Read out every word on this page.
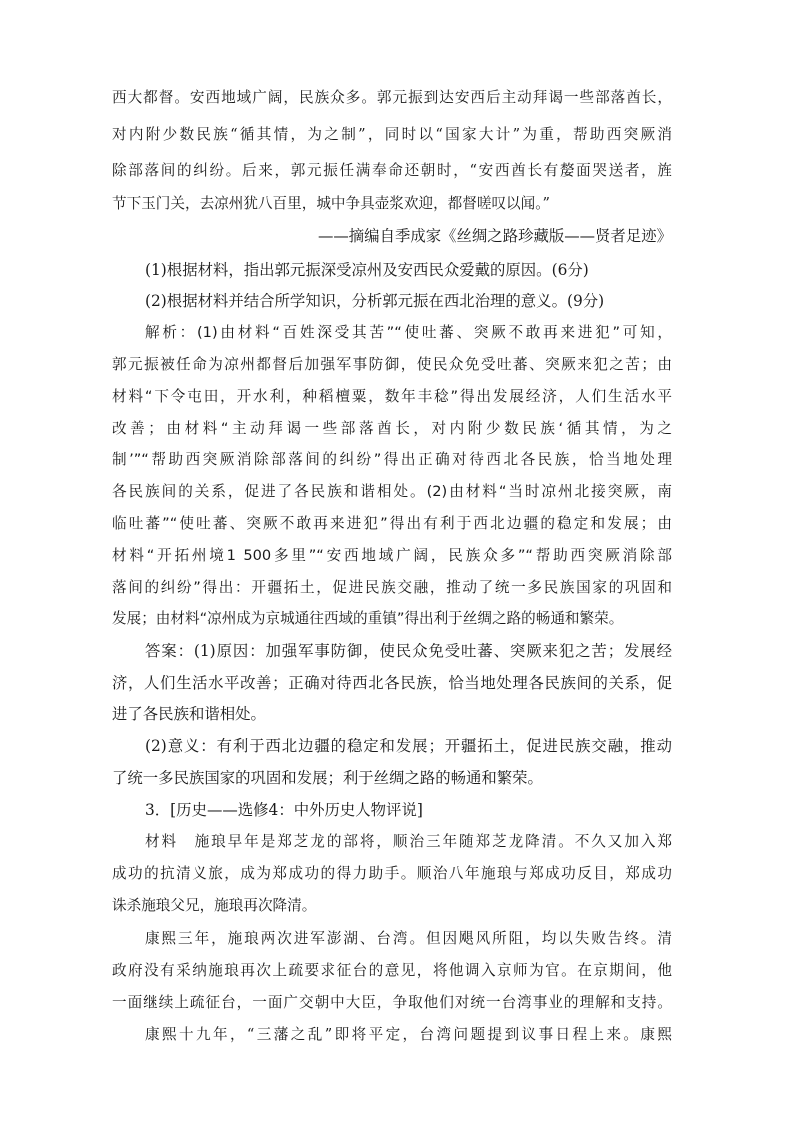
西大都督。安西地域广阔，民族众多。郭元振到达安西后主动拜谒一些部落酋长，
对内附少数民族“循其情，为之制”，同时以“国家大计”为重，帮助西突厥消
除部落间的纠纷。后来，郭元振任满奉命还朝时，“安西酋长有嫠面哭送者，旌
节下玉门关，去凉州犹八百里，城中争具壶浆欢迎，都督嗟叹以闻。”
——摘编自季成家《丝绸之路珍藏版——贤者足迹》
(1)根据材料，指出郭元振深受凉州及安西民众爱戴的原因。(6分)
(2)根据材料并结合所学知识，分析郭元振在西北治理的意义。(9分)
解析：(1)由材料“百姓深受其苦”“使吐蕃、突厥不敢再来进犯”可知，
郭元振被任命为凉州都督后加强军事防御，使民众免受吐蕃、突厥来犯之苦；由
材料“下令屯田，开水利，种稻檀粟，数年丰稔”得出发展经济，人们生活水平
改善；由材料“主动拜谒一些部落酋长，对内附少数民族‘循其情，为之
制’”“帮助西突厥消除部落间的纠纷”得出正确对待西北各民族，恰当地处理
各民族间的关系，促进了各民族和谐相处。(2)由材料“当时凉州北接突厥，南
临吐蕃”“使吐蕃、突厥不敢再来进犯”得出有利于西北边疆的稳定和发展；由
材料“开拓州境1 500多里”“安西地域广阔，民族众多”“帮助西突厥消除部
落间的纠纷”得出：开疆拓土，促进民族交融，推动了统一多民族国家的巩固和
发展；由材料“凉州成为京城通往西域的重镇”得出利于丝绸之路的畅通和繁荣。
答案：(1)原因：加强军事防御，使民众免受吐蕃、突厥来犯之苦；发展经
济，人们生活水平改善；正确对待西北各民族，恰当地处理各民族间的关系，促
进了各民族和谐相处。
(2)意义：有利于西北边疆的稳定和发展；开疆拓土，促进民族交融，推动
了统一多民族国家的巩固和发展；利于丝绸之路的畅通和繁荣。
3．[历史——选修4：中外历史人物评说]
材料　施琅早年是郑芝龙的部将，顺治三年随郑芝龙降清。不久又加入郑
成功的抗清义旅，成为郑成功的得力助手。顺治八年施琅与郑成功反目，郑成功
诛杀施琅父兄，施琅再次降清。
康熙三年，施琅两次进军澎湖、台湾。但因飓风所阻，均以失败告终。清
政府没有采纳施琅再次上疏要求征台的意见，将他调入京师为官。在京期间，他
一面继续上疏征台，一面广交朝中大臣，争取他们对统一台湾事业的理解和支持。
康熙十九年，“三藩之乱”即将平定，台湾问题提到议事日程上来。康熙
